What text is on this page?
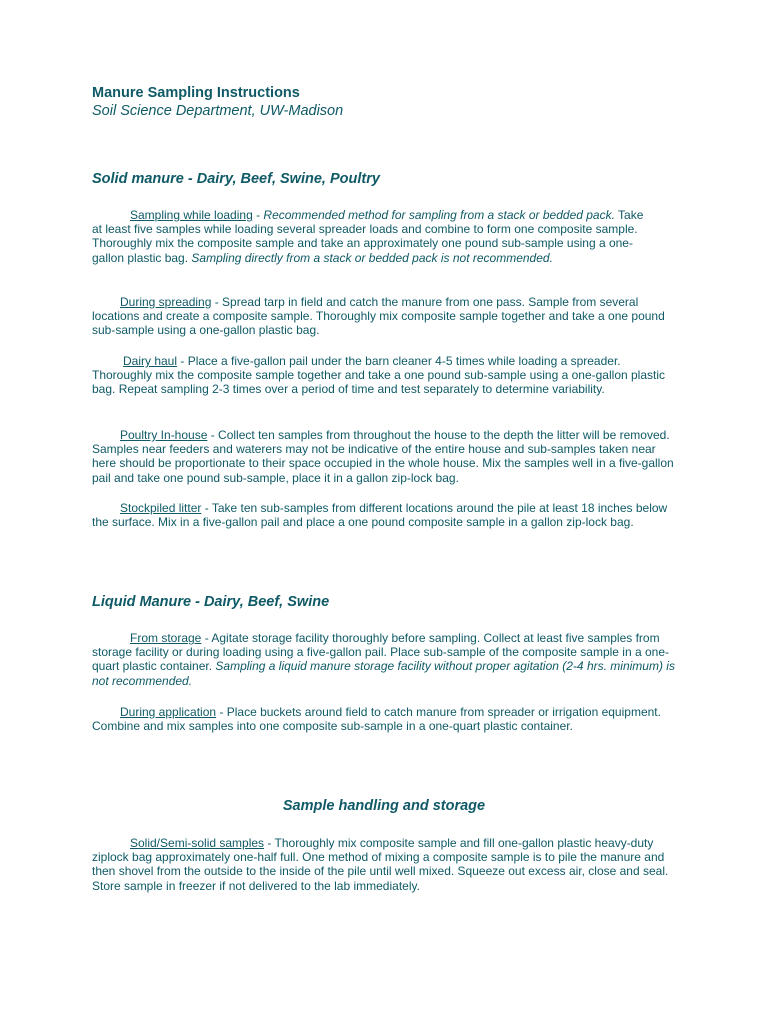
Manure Sampling Instructions
Soil Science Department, UW-Madison
Solid manure - Dairy, Beef, Swine, Poultry

Sampling while loading - Recommended method for sampling from a stack or bedded pack. Take at least five samples while loading several spreader loads and combine to form one composite sample. Thoroughly mix the composite sample and take an approximately one pound sub-sample using a one-gallon plastic bag. Sampling directly from a stack or bedded pack is not recommended.

During spreading - Spread tarp in field and catch the manure from one pass. Sample from several locations and create a composite sample. Thoroughly mix composite sample together and take a one pound sub-sample using a one-gallon plastic bag.

Dairy haul - Place a five-gallon pail under the barn cleaner 4-5 times while loading a spreader. Thoroughly mix the composite sample together and take a one pound sub-sample using a one-gallon plastic bag. Repeat sampling 2-3 times over a period of time and test separately to determine variability.

Poultry In-house - Collect ten samples from throughout the house to the depth the litter will be removed. Samples near feeders and waterers may not be indicative of the entire house and sub-samples taken near here should be proportionate to their space occupied in the whole house. Mix the samples well in a five-gallon pail and take one pound sub-sample, place it in a gallon zip-lock bag.

Stockpiled litter - Take ten sub-samples from different locations around the pile at least 18 inches below the surface. Mix in a five-gallon pail and place a one pound composite sample in a gallon zip-lock bag.

Liquid Manure - Dairy, Beef, Swine

From storage - Agitate storage facility thoroughly before sampling. Collect at least five samples from storage facility or during loading using a five-gallon pail. Place sub-sample of the composite sample in a one-quart plastic container. Sampling a liquid manure storage facility without proper agitation (2-4 hrs. minimum) is not recommended.

During application - Place buckets around field to catch manure from spreader or irrigation equipment. Combine and mix samples into one composite sub-sample in a one-quart plastic container.

Sample handling and storage

Solid/Semi-solid samples - Thoroughly mix composite sample and fill one-gallon plastic heavy-duty ziplock bag approximately one-half full. One method of mixing a composite sample is to pile the manure and then shovel from the outside to the inside of the pile until well mixed. Squeeze out excess air, close and seal. Store sample in freezer if not delivered to the lab immediately.
